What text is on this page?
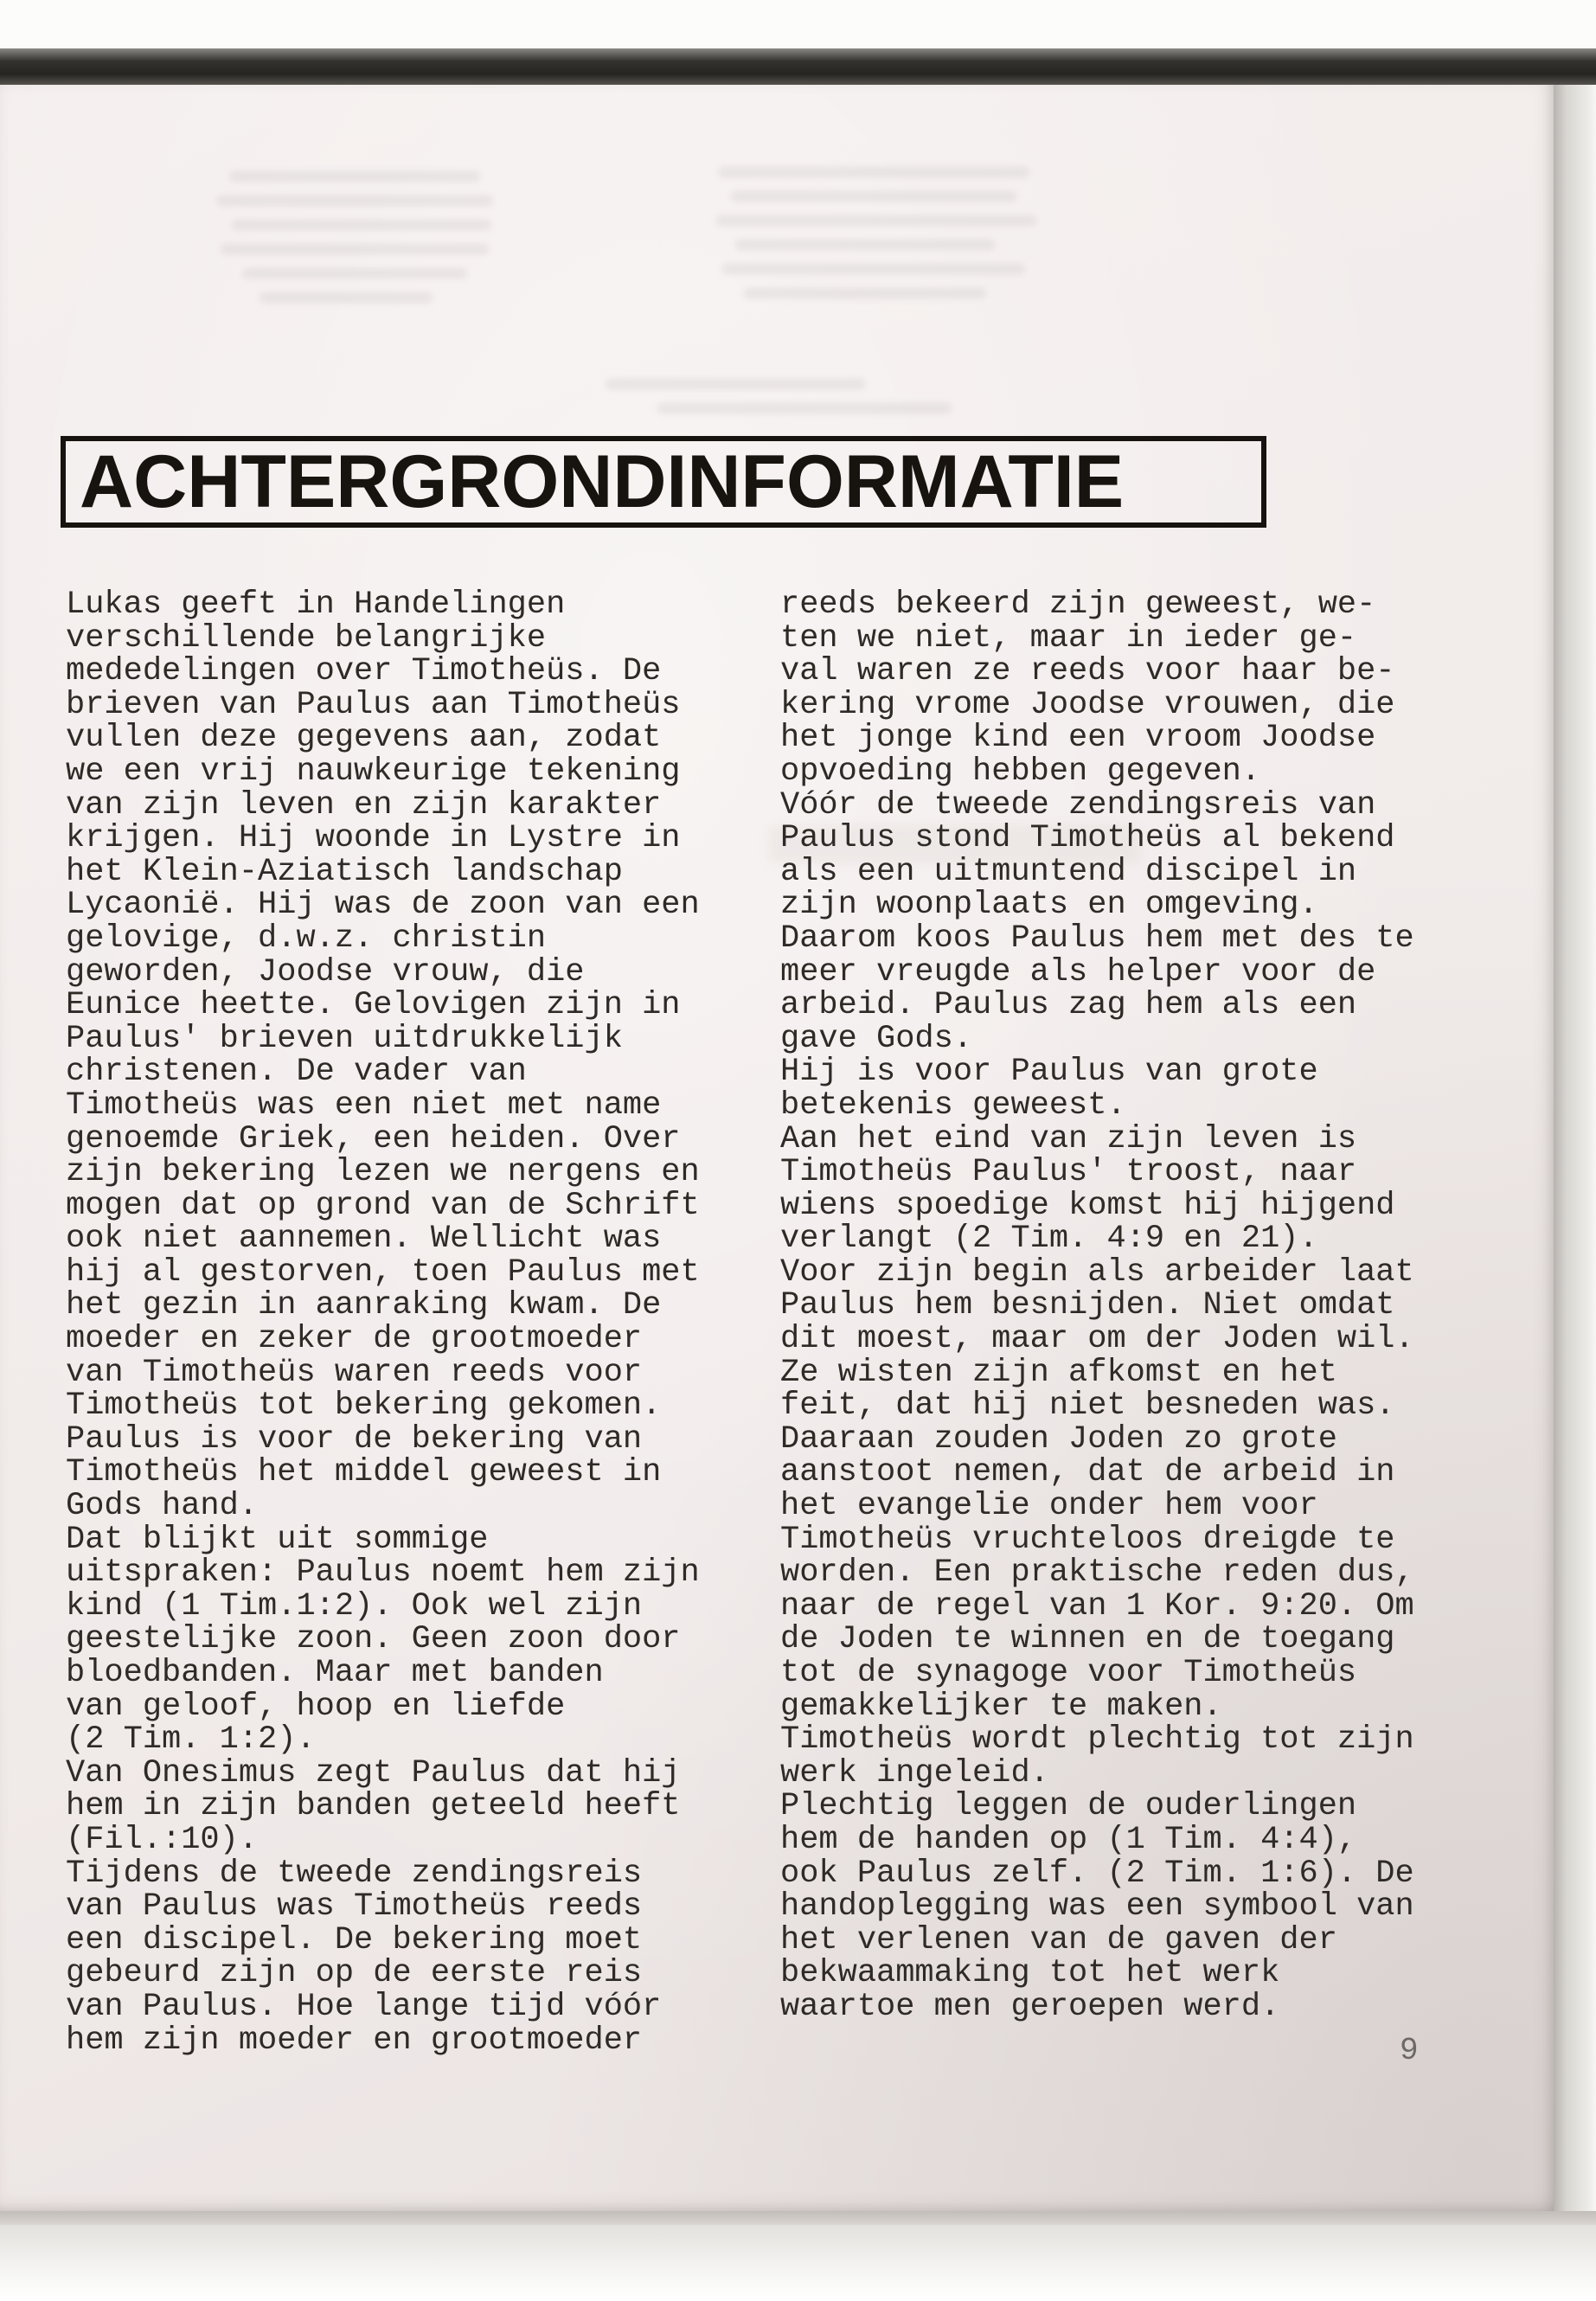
ACHTERGRONDINFORMATIE
Lukas geeft in Handelingen
verschillende belangrijke
mededelingen over Timotheüs. De
brieven van Paulus aan Timotheüs
vullen deze gegevens aan, zodat
we een vrij nauwkeurige tekening
van zijn leven en zijn karakter
krijgen. Hij woonde in Lystre in
het Klein-Aziatisch landschap
Lycaonië. Hij was de zoon van een
gelovige, d.w.z. christin
geworden, Joodse vrouw, die
Eunice heette. Gelovigen zijn in
Paulus' brieven uitdrukkelijk
christenen. De vader van
Timotheüs was een niet met name
genoemde Griek, een heiden. Over
zijn bekering lezen we nergens en
mogen dat op grond van de Schrift
ook niet aannemen. Wellicht was
hij al gestorven, toen Paulus met
het gezin in aanraking kwam. De
moeder en zeker de grootmoeder
van Timotheüs waren reeds voor
Timotheüs tot bekering gekomen.
Paulus is voor de bekering van
Timotheüs het middel geweest in
Gods hand.
Dat blijkt uit sommige
uitspraken: Paulus noemt hem zijn
kind (1 Tim.1:2). Ook wel zijn
geestelijke zoon. Geen zoon door
bloedbanden. Maar met banden
van geloof, hoop en liefde
(2 Tim. 1:2).
Van Onesimus zegt Paulus dat hij
hem in zijn banden geteeld heeft
(Fil.:10).
Tijdens de tweede zendingsreis
van Paulus was Timotheüs reeds
een discipel. De bekering moet
gebeurd zijn op de eerste reis
van Paulus. Hoe lange tijd vóór
hem zijn moeder en grootmoeder
reeds bekeerd zijn geweest, we-
ten we niet, maar in ieder ge-
val waren ze reeds voor haar be-
kering vrome Joodse vrouwen, die
het jonge kind een vroom Joodse
opvoeding hebben gegeven.
Vóór de tweede zendingsreis van
Paulus stond Timotheüs al bekend
als een uitmuntend discipel in
zijn woonplaats en omgeving.
Daarom koos Paulus hem met des te
meer vreugde als helper voor de
arbeid. Paulus zag hem als een
gave Gods.
Hij is voor Paulus van grote
betekenis geweest.
Aan het eind van zijn leven is
Timotheüs Paulus' troost, naar
wiens spoedige komst hij hijgend
verlangt (2 Tim. 4:9 en 21).
Voor zijn begin als arbeider laat
Paulus hem besnijden. Niet omdat
dit moest, maar om der Joden wil.
Ze wisten zijn afkomst en het
feit, dat hij niet besneden was.
Daaraan zouden Joden zo grote
aanstoot nemen, dat de arbeid in
het evangelie onder hem voor
Timotheüs vruchteloos dreigde te
worden. Een praktische reden dus,
naar de regel van 1 Kor. 9:20. Om
de Joden te winnen en de toegang
tot de synagoge voor Timotheüs
gemakkelijker te maken.
Timotheüs wordt plechtig tot zijn
werk ingeleid.
Plechtig leggen de ouderlingen
hem de handen op (1 Tim. 4:4),
ook Paulus zelf. (2 Tim. 1:6). De
handoplegging was een symbool van
het verlenen van de gaven der
bekwaammaking tot het werk
waartoe men geroepen werd.
9
